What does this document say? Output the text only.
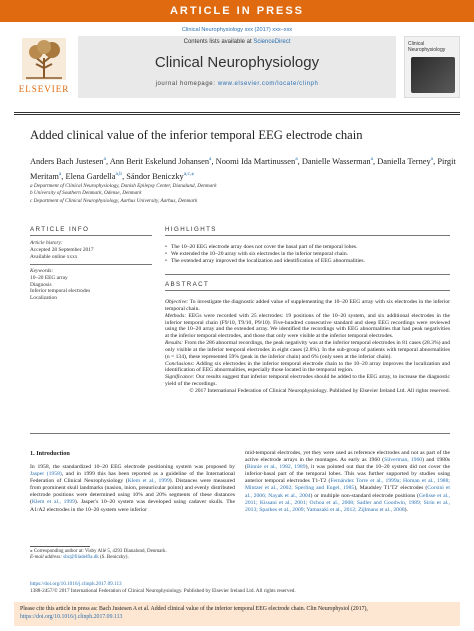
ARTICLE IN PRESS
Clinical Neurophysiology xxx (2017) xxx–xxx
ELSEVIER
Contents lists available at ScienceDirect
Clinical Neurophysiology
journal homepage: www.elsevier.com/locate/clinph
Clinical Neurophysiology
Added clinical value of the inferior temporal EEG electrode chain
Anders Bach Justesen$^a$, Ann Berit Eskelund Johansen$^a$, Noomi Ida Martinussen$^a$, Danielle Wasserman$^a$, Daniella Terney$^a$, Pirgit Meritam$^a$, Elena Gardella$^{a,b}$, Sándor Beniczky$^{a,c,⁎}$
a Department of Clinical Neurophysiology, Danish Epilepsy Center, Dianalund, Denmark
b University of Southern Denmark, Odense, Denmark
c Department of Clinical Neurophysiology, Aarhus University, Aarhus, Denmark
ARTICLE INFO	HIGHLIGHTS
Article history:
Accepted 28 September 2017
Available online xxxx
Keywords:
10–20 EEG array
Diagnosis
Inferior temporal electrodes
Localization
• The 10–20 EEG electrode array does not cover the basal part of the temporal lobes.
• We extended the 10–20 array with six electrodes in the inferior temporal chain.
• The extended array improved the localization and identification of EEG abnormalities.
ABSTRACT

Objective: To investigate the diagnostic added value of supplementing the 10–20 EEG array with six electrodes in the inferior temporal chain.

Methods: EEGs were recorded with 25 electrodes: 19 positions of the 10–20 system, and six additional electrodes in the inferior temporal chain (F9/10, T9/10, P9/10). Five-hundred consecutive standard and sleep EEG recordings were reviewed using the 10–20 array and the extended array. We identified the recordings with EEG abnormalities that had peak negativities at the inferior temporal electrodes, and those that only were visible at the inferior temporal electrodes.

Results: From the 286 abnormal recordings, the peak negativity was at the inferior temporal electrodes in 81 cases (28.3%) and only visible at the inferior temporal electrodes in eight cases (2.8%). In the sub-group of patients with temporal abnormalities (n = 134), these represented 59% (peak in the inferior chain) and 6% (only seen at the inferior chain).

Conclusions: Adding six electrodes in the inferior temporal electrode chain to the 10–20 array improves the localization and identification of EEG abnormalities, especially those located in the temporal region.

Significance: Our results suggest that inferior temporal electrodes should be added to the EEG array, to increase the diagnostic yield of the recordings.

© 2017 International Federation of Clinical Neurophysiology. Published by Elsevier Ireland Ltd. All rights reserved.

1. Introduction
In 1958, the standardized 10–20 EEG electrode positioning system was proposed by Jasper (1958), and in 1999 this has been reported as a guideline of the International Federation of Clinical Neurophysiology (Klem et al., 1999). Distances were measured from prominent skull landmarks (nasion, inion, preauricular points) and evenly distributed electrode positions were determined using 10% and 20% segments of these distances (Klem et al., 1999). Jasper's 10–20 system was developed using cadaver skulls. The A1/A2 electrodes in the 10–20 system were inferior
mid-temporal electrodes, yet they were used as reference electrodes and not as part of the active electrode arrays in the montages. As early as 1960 (Silverman, 1960) and 1980s (Binnie et al., 1982, 1989), it was pointed out that the 10–20 system did not cover the inferior-basal part of the temporal lobes. This was further supported by studies using anterior temporal electrodes T1-T2 (Fernández Torre et al., 1999a; Homan et al., 1988; Mintzer et al., 2002; Sperling and Engel, 1985), Maudsley T1'T2' electrodes (Corsini et al., 2006; Nayak et al., 2004) or multiple non-standard electrode positions (Gelisse et al., 2011; Kissani et al., 2001; Ochoa et al., 2008; Sadler and Goodwin, 1989; Sirin et al., 2013; Sparkes et al., 2009; Yamazaki et al., 2012; Zijlmans et al., 2008).
⁎ Corresponding author at: Visby Allé 5, 4293 Dianalund, Denmark.
E-mail address: sbz@filadelfia.dk (S. Beniczky).
https://doi.org/10.1016/j.clinph.2017.09.113
1388-2457/© 2017 International Federation of Clinical Neurophysiology. Published by Elsevier Ireland Ltd. All rights reserved.
Please cite this article in press as: Bach Justesen A et al. Added clinical value of the inferior temporal EEG electrode chain. Clin Neurophysiol (2017), https://doi.org/10.1016/j.clinph.2017.09.113
